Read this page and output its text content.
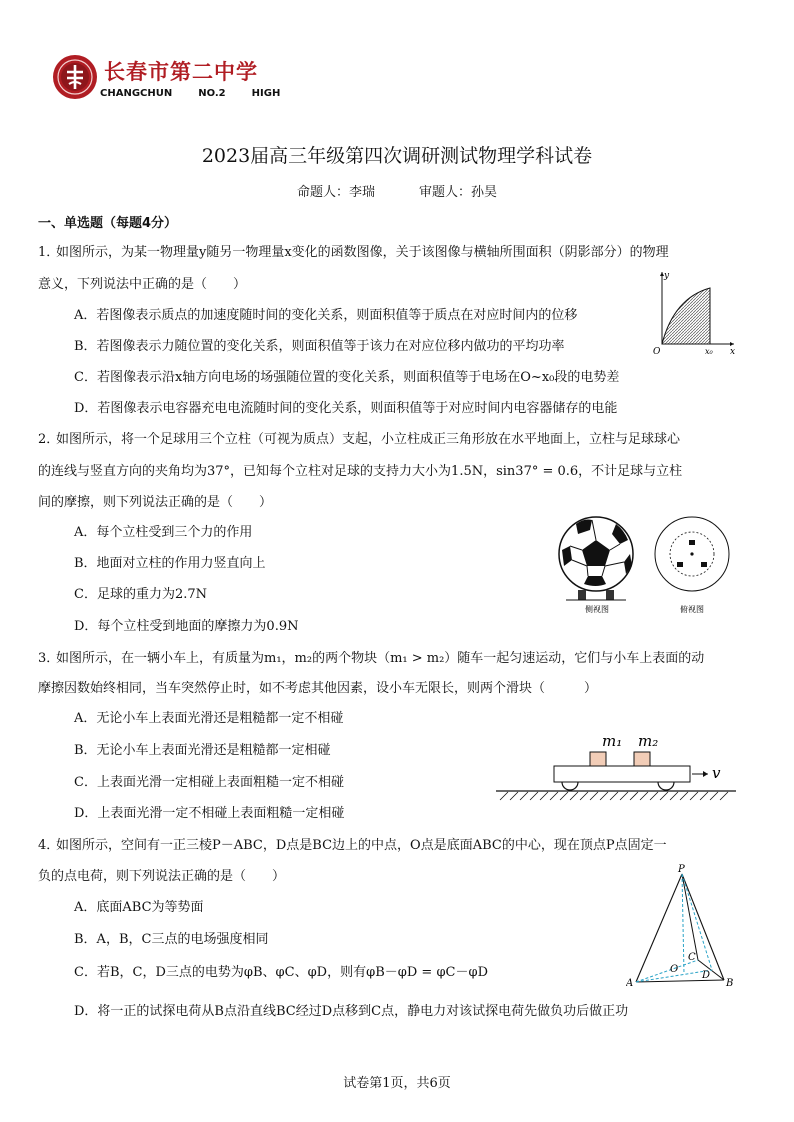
长春市第二中学
CHANGCHUN	NO.2	HIGH
2023届高三年级第四次调研测试物理学科试卷
命题人：李瑞	审题人：孙昊
一、单选题（每题4分）
1．如图所示，为某一物理量y随另一物理量x变化的函数图像，关于该图像与横轴所围面积（阴影部分）的物理
意义，下列说法中正确的是（　　）
A．若图像表示质点的加速度随时间的变化关系，则面积值等于质点在对应时间内的位移
B．若图像表示力随位置的变化关系，则面积值等于该力在对应位移内做功的平均功率
C．若图像表示沿x轴方向电场的场强随位置的变化关系，则面积值等于电场在O~x₀段的电势差
D．若图像表示电容器充电电流随时间的变化关系，则面积值等于对应时间内电容器储存的电能
y
x
O	x₀
2．如图所示，将一个足球用三个立柱（可视为质点）支起，小立柱成正三角形放在水平地面上，立柱与足球球心
的连线与竖直方向的夹角均为37°，已知每个立柱对足球的支持力大小为1.5N，sin37° = 0.6，不计足球与立柱
间的摩擦，则下列说法正确的是（　　）
A．每个立柱受到三个力的作用
B．地面对立柱的作用力竖直向上
C．足球的重力为2.7N
D．每个立柱受到地面的摩擦力为0.9N
侧视图	俯视图
3．如图所示，在一辆小车上，有质量为m₁，m₂的两个物块（m₁ > m₂）随车一起匀速运动，它们与小车上表面的动
摩擦因数始终相同，当车突然停止时，如不考虑其他因素，设小车无限长，则两个滑块（　　　）
A．无论小车上表面光滑还是粗糙都一定不相碰
B．无论小车上表面光滑还是粗糙都一定相碰
C．上表面光滑一定相碰上表面粗糙一定不相碰
D．上表面光滑一定不相碰上表面粗糙一定相碰
m₁ m₂
v
4．如图所示，空间有一正三棱P－ABC，D点是BC边上的中点，O点是底面ABC的中心，现在顶点P点固定一
负的点电荷，则下列说法正确的是（　　）
A．底面ABC为等势面
B．A，B，C三点的电场强度相同
C．若B，C，D三点的电势为φB、φC、φD，则有φB－φD = φC－φD
D．将一正的试探电荷从B点沿直线BC经过D点移到C点，静电力对该试探电荷先做负功后做正功
P
A	B
C
D
O
试卷第1页，共6页
